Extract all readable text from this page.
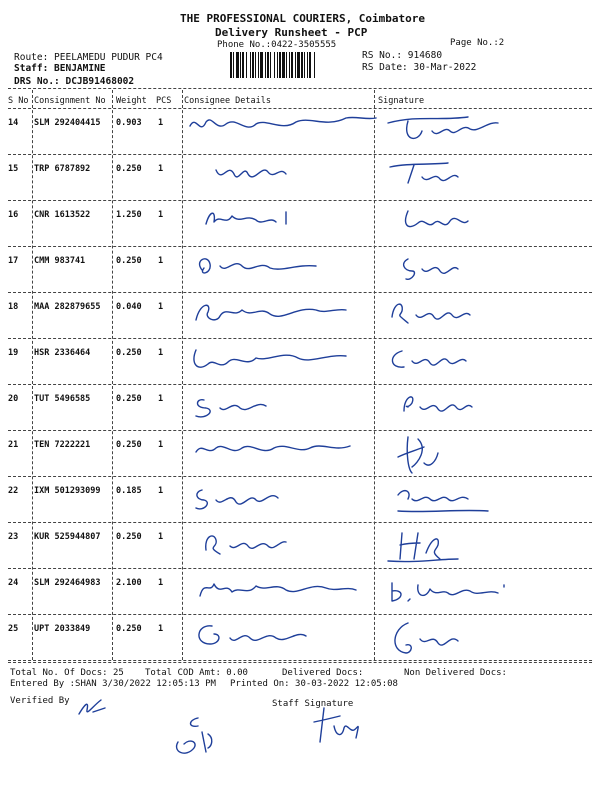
THE PROFESSIONAL COURIERS, Coimbatore
Delivery Runsheet - PCP
Phone No.:0422-3505555	Page No.:2
Route: PEELAMEDU PUDUR PC4
Staff: BENJAMINE
DRS No.: DCJB91468002
RS No.: 914680
RS Date: 30-Mar-2022
S No Consignment No Weight PCS Consignee Details	Signature
14 SLM 292404415 0.903 1
15 TRP 6787892	0.250 1
16 CNR 1613522	1.250 1
17 CMM 983741	0.250 1
18 MAA 282879655 0.040 1
19 HSR 2336464	0.250 1
20 TUT 5496585	0.250 1
21 TEN 7222221	0.250 1
22 IXM 501293099 0.185 1
23 KUR 525944807 0.250 1
24 SLM 292464983 2.100 1
25 UPT 2033849	0.250 1
Total No. Of Docs: 25 Total COD Amt: 0.00	Delivered Docs:	Non Delivered Docs:
Entered By :SHAN 3/30/2022 12:05:13 PM Printed On: 30-03-2022 12:05:08
Verified By	Staff Signature
